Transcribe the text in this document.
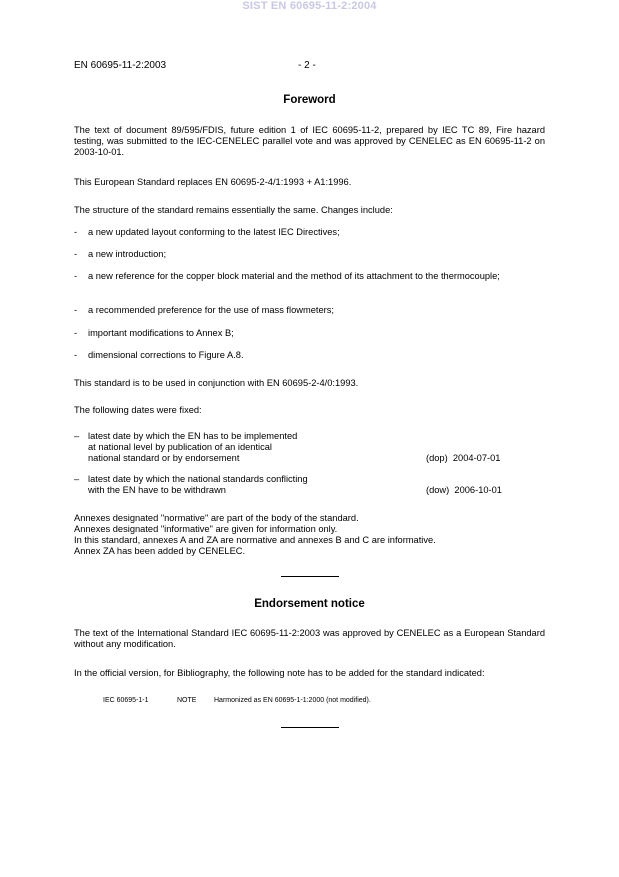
SIST EN 60695-11-2:2004
EN 60695-11-2:2003	- 2 -
Foreword

The text of document 89/595/FDIS, future edition 1 of IEC 60695-11-2, prepared by IEC TC 89, Fire hazard testing, was submitted to the IEC-CENELEC parallel vote and was approved by CENELEC as EN 60695-11-2 on 2003-10-01.

This European Standard replaces EN 60695-2-4/1:1993 + A1:1996.

The structure of the standard remains essentially the same. Changes include:

- a new updated layout conforming to the latest IEC Directives;
- a new introduction;
- a new reference for the copper block material and the method of its attachment to the thermocouple;
- a recommended preference for the use of mass flowmeters;
- important modifications to Annex B;
- dimensional corrections to Figure A.8.

This standard is to be used in conjunction with EN 60695-2-4/0:1993.

The following dates were fixed:

– latest date by which the EN has to be implemented
at national level by publication of an identical
national standard or by endorsement	(dop) 2004-07-01
– latest date by which the national standards conflicting
with the EN have to be withdrawn	(dow) 2006-10-01
Annexes designated "normative" are part of the body of the standard.
Annexes designated "informative" are given for information only.
In this standard, annexes A and ZA are normative and annexes B and C are informative.
Annex ZA has been added by CENELEC.
Endorsement notice

The text of the International Standard IEC 60695-11-2:2003 was approved by CENELEC as a European Standard without any modification.

In the official version, for Bibliography, the following note has to be added for the standard indicated:

IEC 60695-1-1	NOTE	Harmonized as EN 60695-1-1:2000 (not modified).
